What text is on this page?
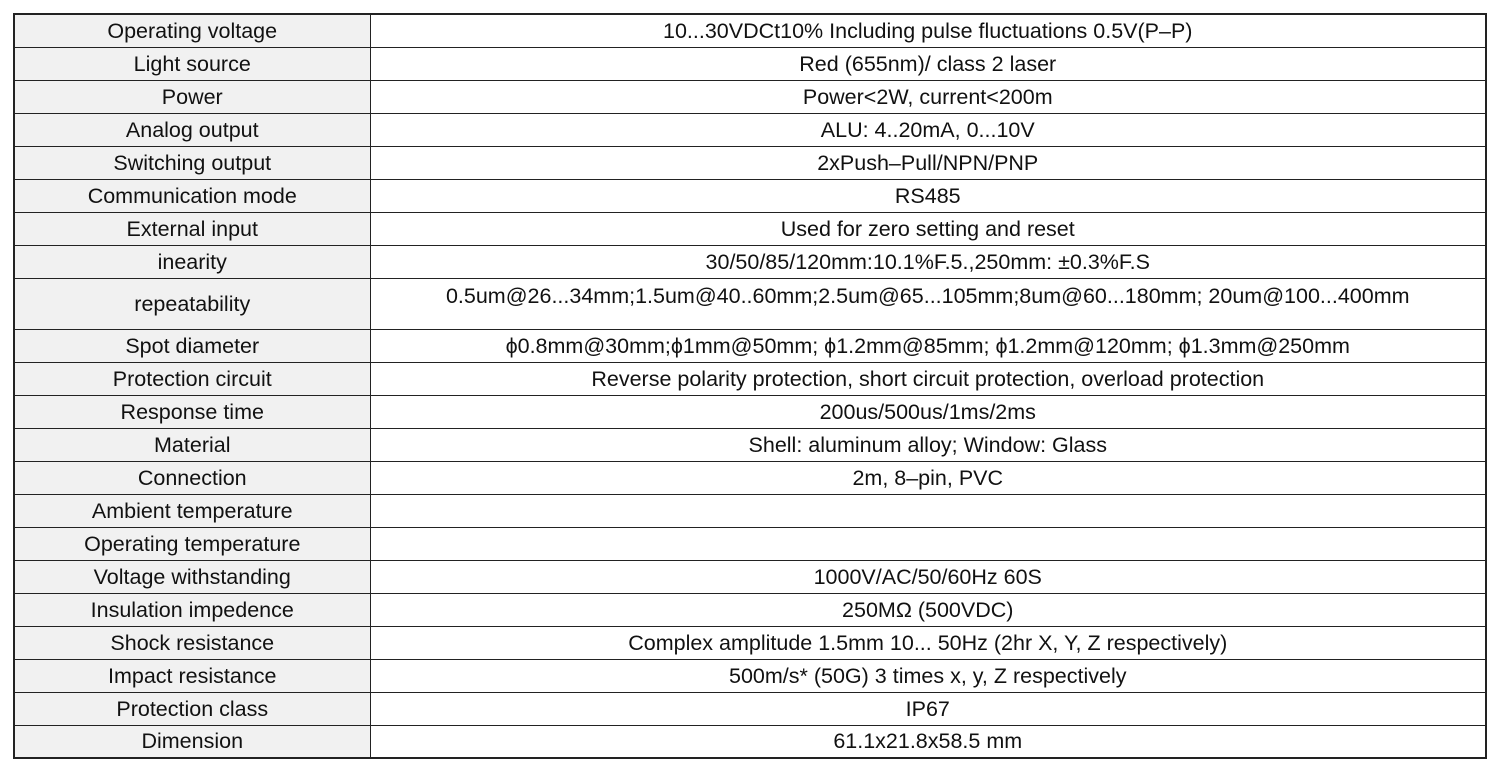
Operating voltage	10...30VDCt10% Including pulse fluctuations 0.5V(P–P)
Light source	Red (655nm)/ class 2 laser
Power	Power<2W, current<200m
Analog output	ALU: 4..20mA, 0...10V
Switching output	2xPush–Pull/NPN/PNP
Communication mode	RS485
External input	Used for zero setting and reset
inearity	30/50/85/120mm:10.1%F.5.,250mm: ±0.3%F.S
repeatability	0.5um@26...34mm;1.5um@40..60mm;2.5um@65...105mm;8um@60...180mm; 20um@100...400mm

Spot diameter	ϕ0.8mm@30mm;ϕ1mm@50mm; ϕ1.2mm@85mm; ϕ1.2mm@120mm; ϕ1.3mm@250mm
Protection circuit	Reverse polarity protection, short circuit protection, overload protection
Response time	200us/500us/1ms/2ms
Material	Shell: aluminum alloy; Window: Glass
Connection	2m, 8–pin, PVC
Ambient temperature	
Operating temperature	
Voltage withstanding	1000V/AC/50/60Hz 60S
Insulation impedence	250MΩ (500VDC)
Shock resistance	Complex amplitude 1.5mm 10... 50Hz (2hr X, Y, Z respectively)
Impact resistance	500m/s* (50G) 3 times x, y, Z respectively
Protection class	IP67
Dimension	61.1x21.8x58.5 mm
